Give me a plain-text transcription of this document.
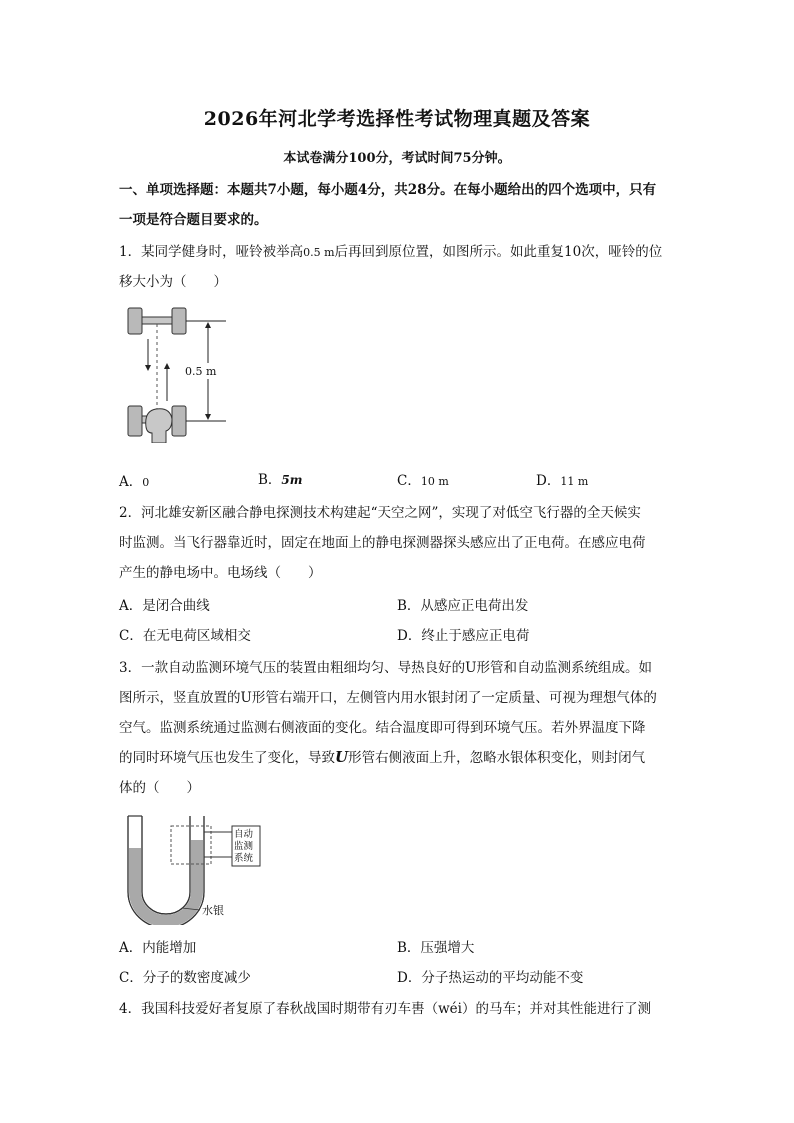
2026年河北学考选择性考试物理真题及答案
本试卷满分100分，考试时间75分钟。
一、单项选择题：本题共7小题，每小题4分，共28分。在每小题给出的四个选项中，只有
一项是符合题目要求的。
1．某同学健身时，哑铃被举高0.5 m后再回到原位置，如图所示。如此重复10次，哑铃的位
移大小为（　　）
0.5 m
A．0	B．5m	C．10 m	D．11 m
2．河北雄安新区融合静电探测技术构建起“天空之网”，实现了对低空飞行器的全天候实
时监测。当飞行器靠近时，固定在地面上的静电探测器探头感应出了正电荷。在感应电荷
产生的静电场中。电场线（　　）
A．是闭合曲线	B．从感应正电荷出发
C．在无电荷区域相交	D．终止于感应正电荷
3．一款自动监测环境气压的装置由粗细均匀、导热良好的U形管和自动监测系统组成。如
图所示，竖直放置的U形管右端开口，左侧管内用水银封闭了一定质量、可视为理想气体的
空气。监测系统通过监测右侧液面的变化。结合温度即可得到环境气压。若外界温度下降
的同时环境气压也发生了变化，导致U形管右侧液面上升，忽略水银体积变化，则封闭气
体的（　　）
自动
监测
系统
水银
A．内能增加	B．压强增大
C．分子的数密度减少	D．分子热运动的平均动能不变
4．我国科技爱好者复原了春秋战国时期带有刃车軎（wéi）的马车；并对其性能进行了测
